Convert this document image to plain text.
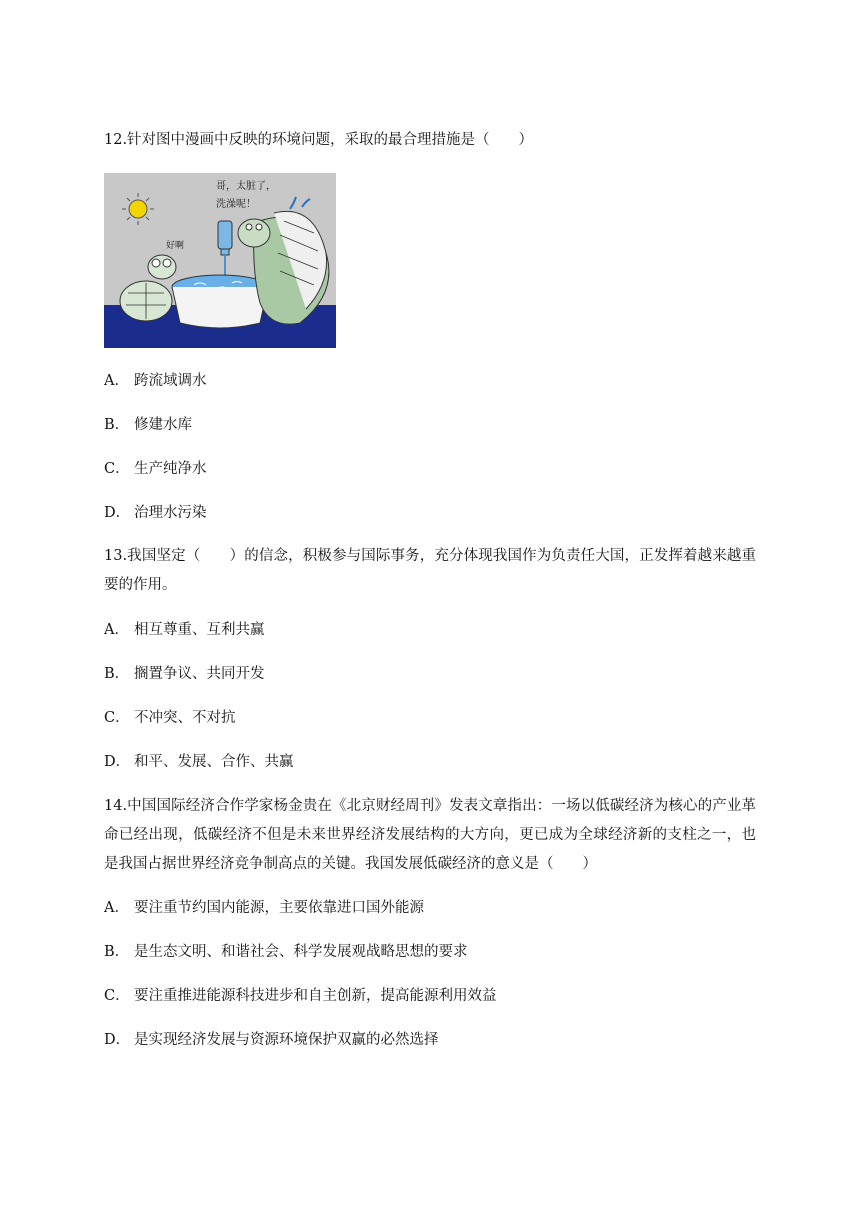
12.针对图中漫画中反映的环境问题，采取的最合理措施是（　　）
哥，太脏了，
洗澡呢！
好啊
A． 跨流域调水
B． 修建水库
C． 生产纯净水
D． 治理水污染
13.我国坚定（　　）的信念，积极参与国际事务，充分体现我国作为负责任大国，正发挥着越来越重要的作用。
A． 相互尊重、互利共赢
B． 搁置争议、共同开发
C． 不冲突、不对抗
D． 和平、发展、合作、共赢
14.中国国际经济合作学家杨金贵在《北京财经周刊》发表文章指出：一场以低碳经济为核心的产业革命已经出现，低碳经济不但是未来世界经济发展结构的大方向，更已成为全球经济新的支柱之一，也是我国占据世界经济竞争制高点的关键。我国发展低碳经济的意义是（　　）
A． 要注重节约国内能源，主要依靠进口国外能源
B． 是生态文明、和谐社会、科学发展观战略思想的要求
C． 要注重推进能源科技进步和自主创新，提高能源利用效益
D． 是实现经济发展与资源环境保护双赢的必然选择
